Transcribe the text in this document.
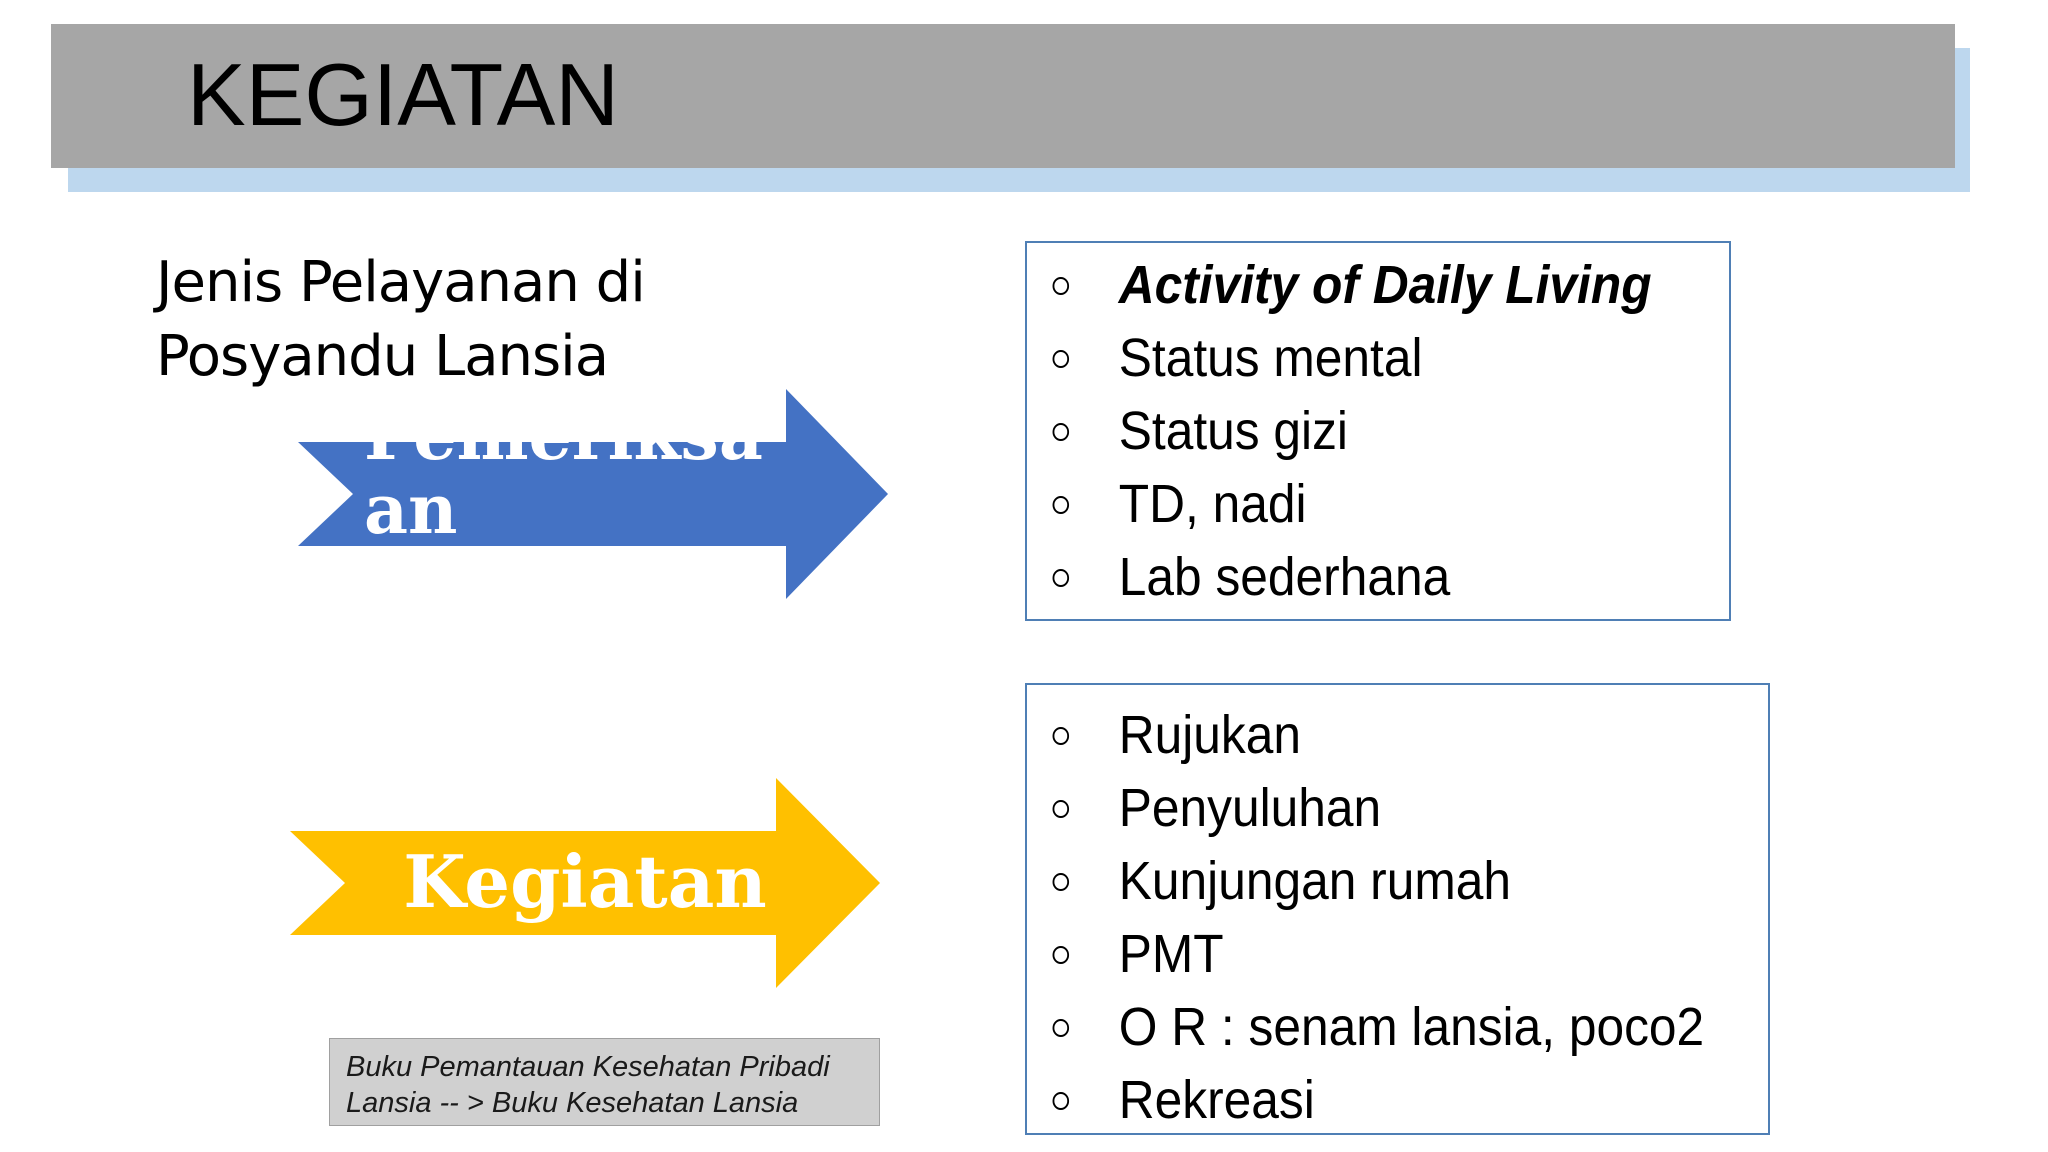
KEGIATAN
Jenis Pelayanan di
Posyandu Lansia
Pemeriksaan
Kegiatan
Activity of Daily Living
Status mental
Status gizi
TD, nadi
Lab sederhana
Rujukan
Penyuluhan
Kunjungan rumah
PMT
O R : senam lansia, poco2
Rekreasi
Buku Pemantauan Kesehatan Pribadi
Lansia -- > Buku Kesehatan Lansia
